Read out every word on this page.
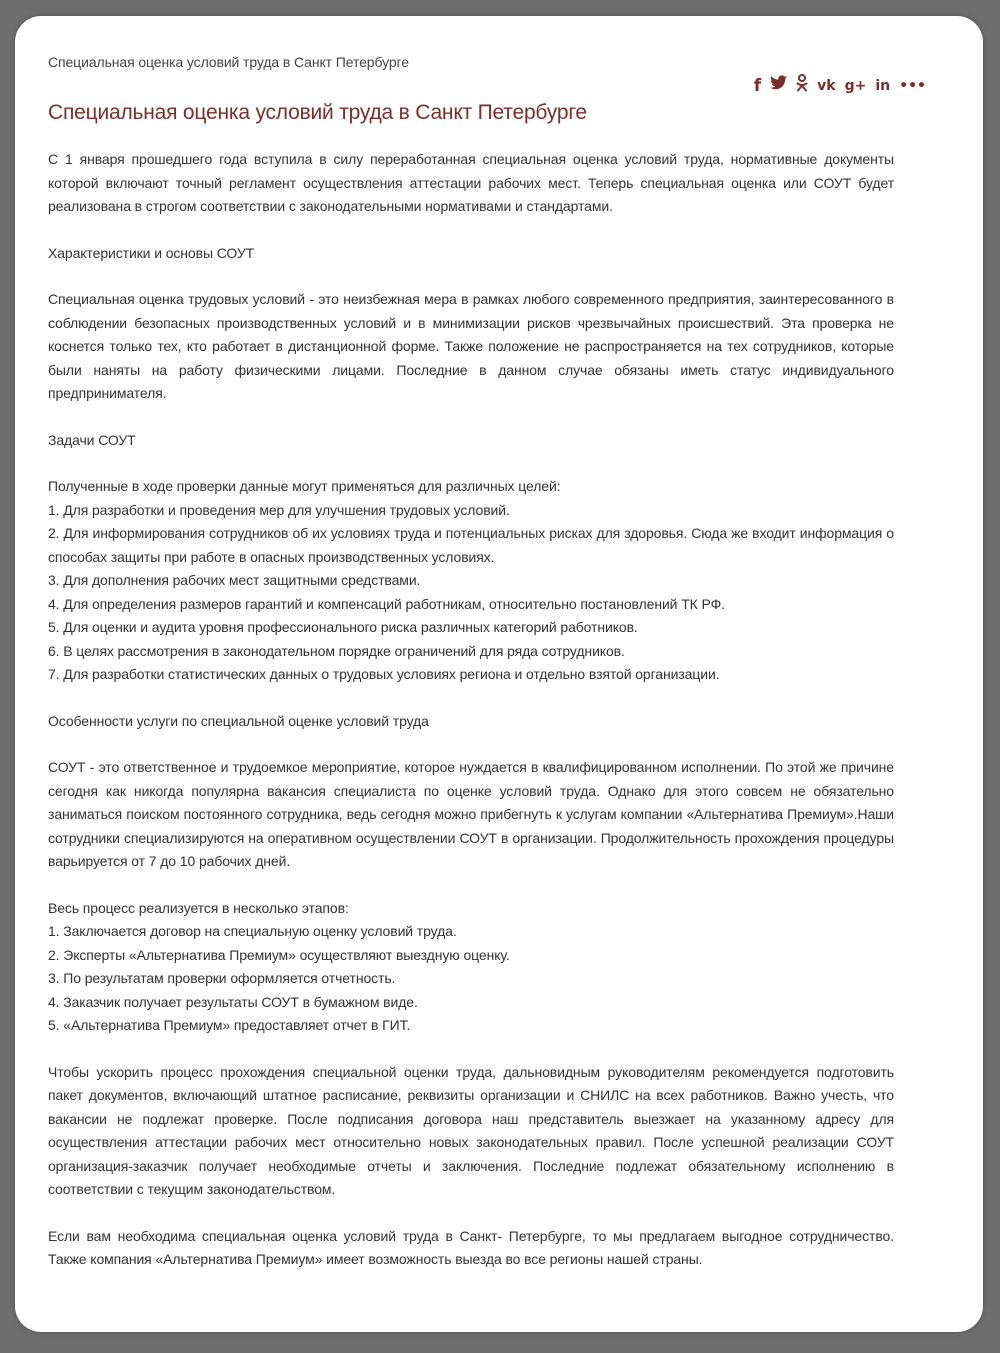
Специальная оценка условий труда в Санкт Петербурге

f	vk g+ in •••
Специальная оценка условий труда в Санкт Петербурге

С 1 января прошедшего года вступила в силу переработанная специальная оценка условий труда, нормативные документы которой включают точный регламент осуществления аттестации рабочих мест. Теперь специальная оценка или СОУТ будет реализована в строгом соответствии с законодательными нормативами и стандартами.

Характеристики и основы СОУТ

Специальная оценка трудовых условий - это неизбежная мера в рамках любого современного предприятия, заинтересованного в соблюдении безопасных производственных условий и в минимизации рисков чрезвычайных происшествий. Эта проверка не коснется только тех, кто работает в дистанционной форме. Также положение не распространяется на тех сотрудников, которые были наняты на работу физическими лицами. Последние в данном случае обязаны иметь статус индивидуального предпринимателя.

Задачи СОУТ

Полученные в ходе проверки данные могут применяться для различных целей:
1. Для разработки и проведения мер для улучшения трудовых условий.
2. Для информирования сотрудников об их условиях труда и потенциальных рисках для здоровья. Сюда же входит информация о способах защиты при работе в опасных производственных условиях.
3. Для дополнения рабочих мест защитными средствами.
4. Для определения размеров гарантий и компенсаций работникам, относительно постановлений ТК РФ.
5. Для оценки и аудита уровня профессионального риска различных категорий работников.
6. В целях рассмотрения в законодательном порядке ограничений для ряда сотрудников.
7. Для разработки статистических данных о трудовых условиях региона и отдельно взятой организации.

Особенности услуги по специальной оценке условий труда

СОУТ - это ответственное и трудоемкое мероприятие, которое нуждается в квалифицированном исполнении. По этой же причине сегодня как никогда популярна вакансия специалиста по оценке условий труда. Однако для этого совсем не обязательно заниматься поиском постоянного сотрудника, ведь сегодня можно прибегнуть к услугам компании «Альтернатива Премиум».Наши сотрудники специализируются на оперативном осуществлении СОУТ в организации. Продолжительность прохождения процедуры варьируется от 7 до 10 рабочих дней.

Весь процесс реализуется в несколько этапов:
1. Заключается договор на специальную оценку условий труда.
2. Эксперты «Альтернатива Премиум» осуществляют выездную оценку.
3. По результатам проверки оформляется отчетность.
4. Заказчик получает результаты СОУТ в бумажном виде.
5. «Альтернатива Премиум» предоставляет отчет в ГИТ.

Чтобы ускорить процесс прохождения специальной оценки труда, дальновидным руководителям рекомендуется подготовить пакет документов, включающий штатное расписание, реквизиты организации и СНИЛС на всех работников. Важно учесть, что вакансии не подлежат проверке. После подписания договора наш представитель выезжает на указанному адресу для осуществления аттестации рабочих мест относительно новых законодательных правил. После успешной реализации СОУТ организация-заказчик получает необходимые отчеты и заключения. Последние подлежат обязательному исполнению в соответствии с текущим законодательством.

Если вам необходима специальная оценка условий труда в Санкт- Петербурге, то мы предлагаем выгодное сотрудничество. Также компания «Альтернатива Премиум» имеет возможность выезда во все регионы нашей страны.
